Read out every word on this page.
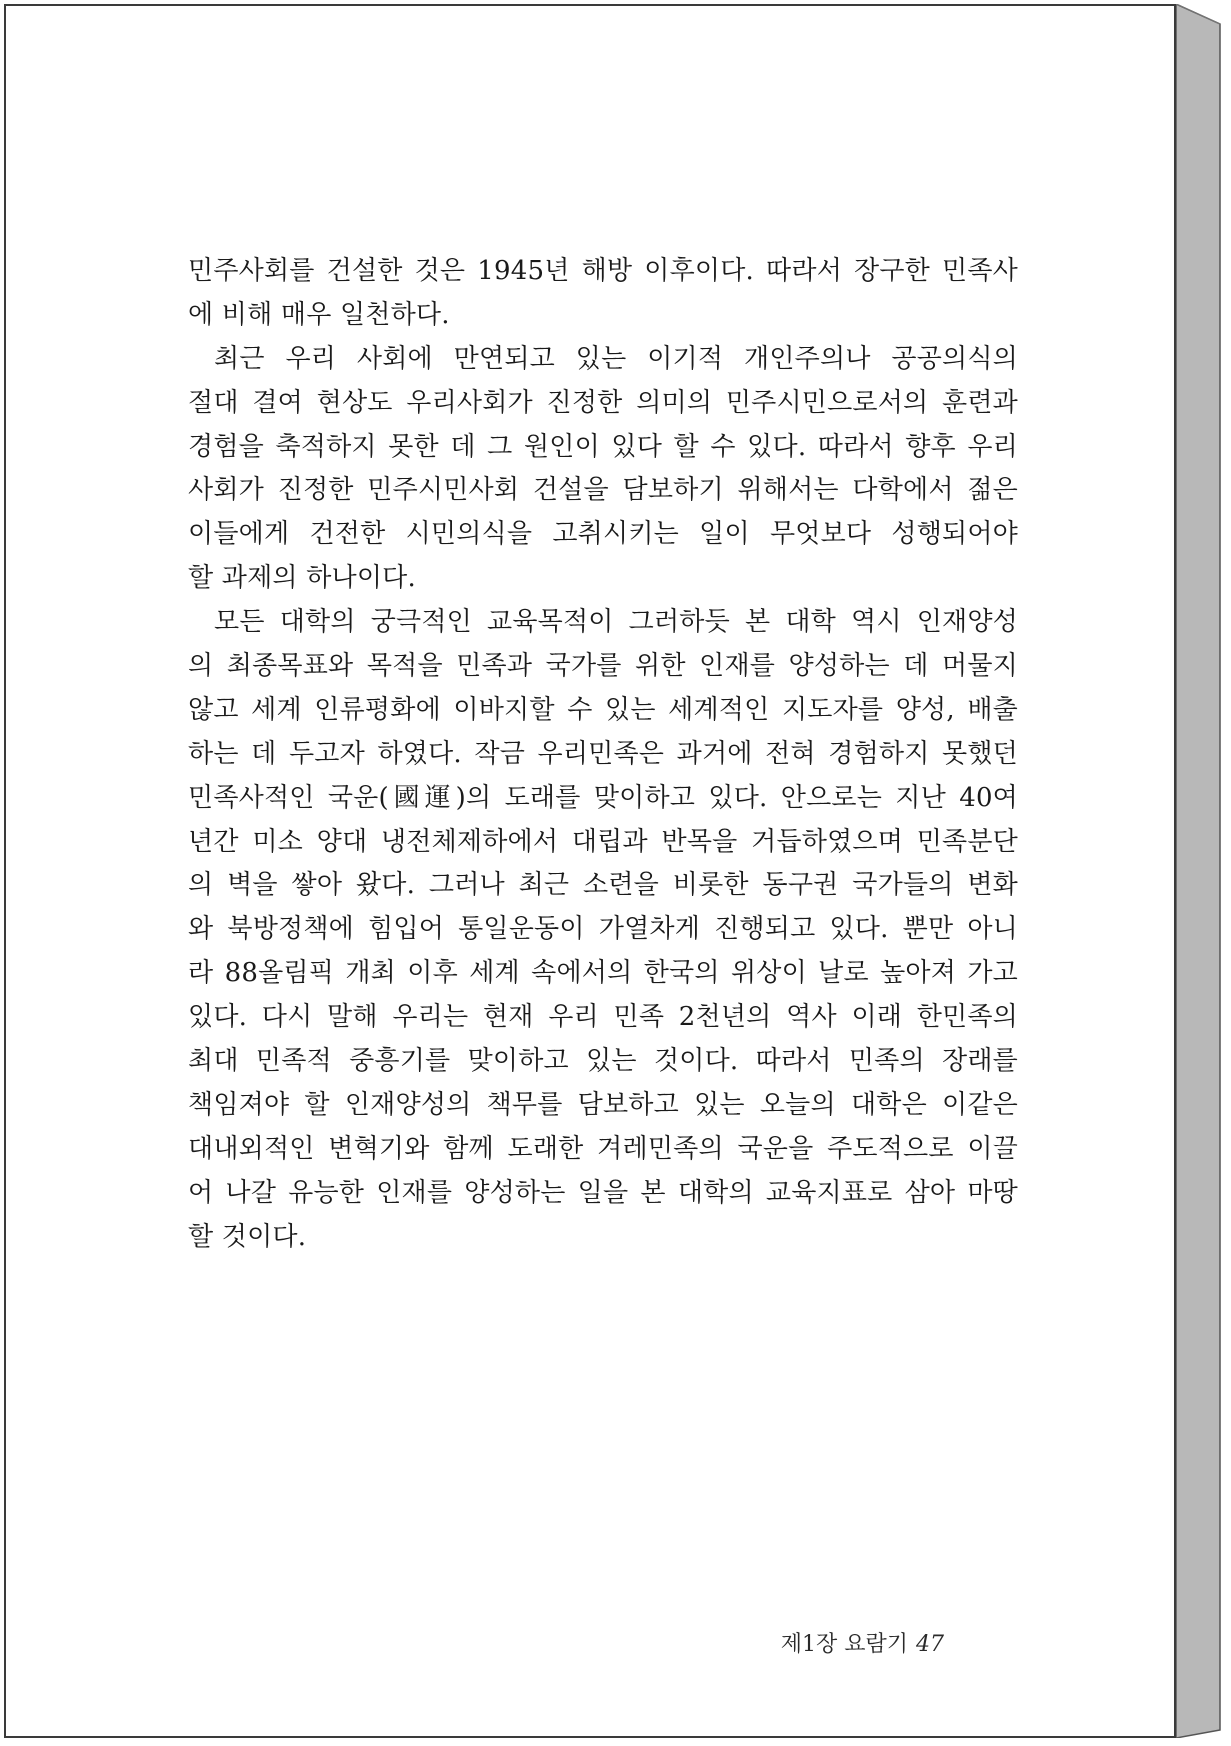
민주사회를 건설한 것은 1945년 해방 이후이다. 따라서 장구한 민족사
에 비해 매우 일천하다.
최근 우리 사회에 만연되고 있는 이기적 개인주의나 공공의식의
절대 결여 현상도 우리사회가 진정한 의미의 민주시민으로서의 훈련과
경험을 축적하지 못한 데 그 원인이 있다 할 수 있다. 따라서 향후 우리
사회가 진정한 민주시민사회 건설을 담보하기 위해서는 다학에서 젊은
이들에게 건전한 시민의식을 고취시키는 일이 무엇보다 성행되어야
할 과제의 하나이다.
모든 대학의 궁극적인 교육목적이 그러하듯 본 대학 역시 인재양성
의 최종목표와 목적을 민족과 국가를 위한 인재를 양성하는 데 머물지
않고 세계 인류평화에 이바지할 수 있는 세계적인 지도자를 양성, 배출
하는 데 두고자 하였다. 작금 우리민족은 과거에 전혀 경험하지 못했던
민족사적인 국운(國運)의 도래를 맞이하고 있다. 안으로는 지난 40여
년간 미소 양대 냉전체제하에서 대립과 반목을 거듭하였으며 민족분단
의 벽을 쌓아 왔다. 그러나 최근 소련을 비롯한 동구권 국가들의 변화
와 북방정책에 힘입어 통일운동이 가열차게 진행되고 있다. 뿐만 아니
라 88올림픽 개최 이후 세계 속에서의 한국의 위상이 날로 높아져 가고
있다. 다시 말해 우리는 현재 우리 민족 2천년의 역사 이래 한민족의
최대 민족적 중흥기를 맞이하고 있는 것이다. 따라서 민족의 장래를
책임져야 할 인재양성의 책무를 담보하고 있는 오늘의 대학은 이같은
대내외적인 변혁기와 함께 도래한 겨레민족의 국운을 주도적으로 이끌
어 나갈 유능한 인재를 양성하는 일을 본 대학의 교육지표로 삼아 마땅
할 것이다.
제1장 요람기 47
